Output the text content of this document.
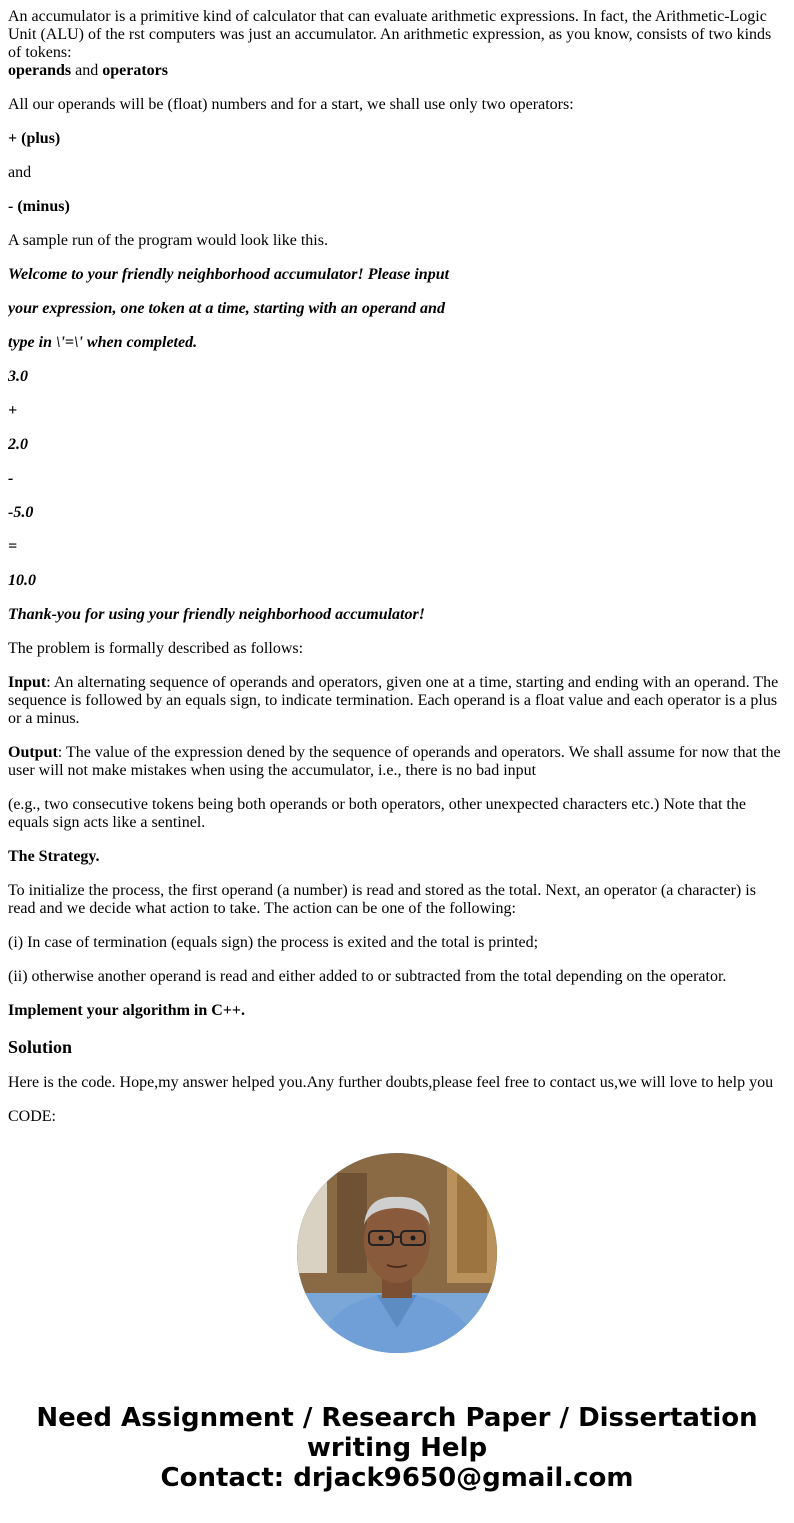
An accumulator is a primitive kind of calculator that can evaluate arithmetic expressions. In fact, the Arithmetic-Logic Unit (ALU) of the rst computers was just an accumulator. An arithmetic expression, as you know, consists of two kinds of tokens:
operands and operators

All our operands will be (float) numbers and for a start, we shall use only two operators:

+ (plus)

and

- (minus)

A sample run of the program would look like this.

Welcome to your friendly neighborhood accumulator! Please input

your expression, one token at a time, starting with an operand and

type in \'=\' when completed.

3.0

+

2.0

-

-5.0

=

10.0

Thank-you for using your friendly neighborhood accumulator!

The problem is formally described as follows:

Input: An alternating sequence of operands and operators, given one at a time, starting and ending with an operand. The sequence is followed by an equals sign, to indicate termination. Each operand is a float value and each operator is a plus or a minus.

Output: The value of the expression dened by the sequence of operands and operators. We shall assume for now that the user will not make mistakes when using the accumulator, i.e., there is no bad input

(e.g., two consecutive tokens being both operands or both operators, other unexpected characters etc.) Note that the equals sign acts like a sentinel.

The Strategy.

To initialize the process, the first operand (a number) is read and stored as the total. Next, an operator (a character) is read and we decide what action to take. The action can be one of the following:

(i) In case of termination (equals sign) the process is exited and the total is printed;

(ii) otherwise another operand is read and either added to or subtracted from the total depending on the operator.

Implement your algorithm in C++.

Solution

Here is the code. Hope,my answer helped you.Any further doubts,please feel free to contact us,we will love to help you

CODE:

Need Assignment / Research Paper / Dissertation
writing Help
Contact: drjack9650@gmail.com
